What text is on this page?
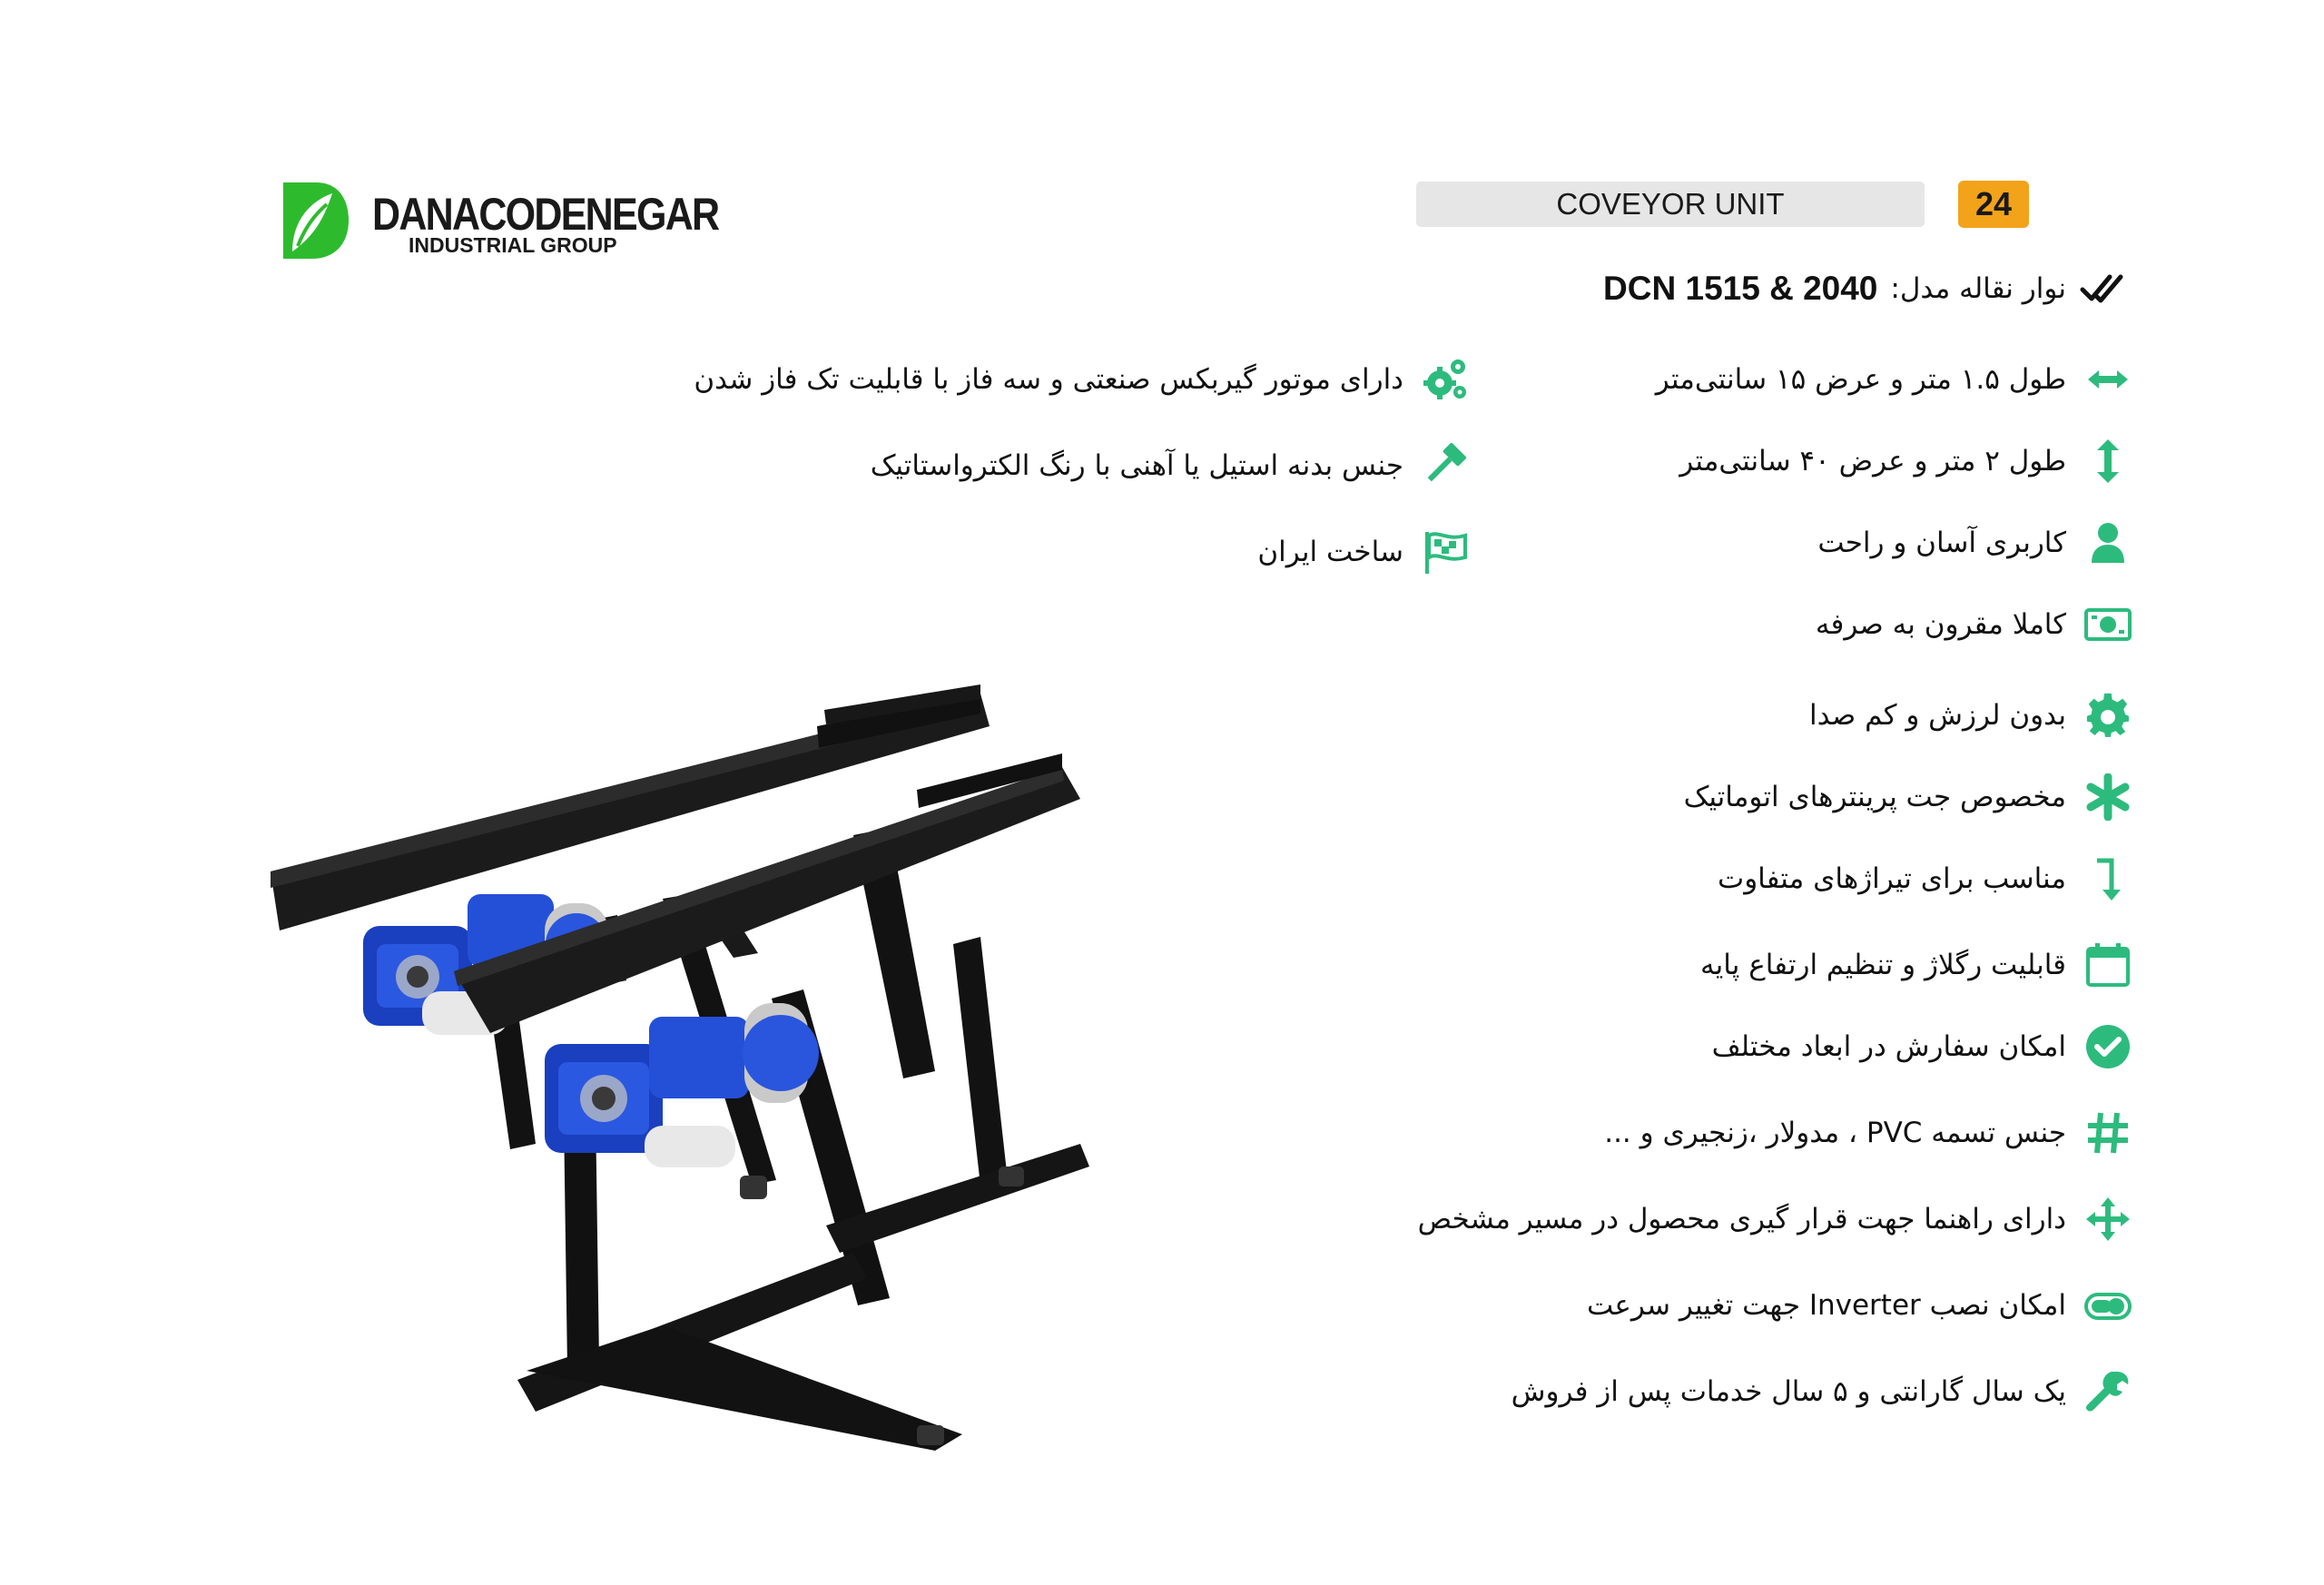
DANACODENEGAR
INDUSTRIAL GROUP
COVEYOR UNIT	24
نوار نقاله مدل:
DCN 1515 & 2040
طول ۱.۵ متر و عرض ۱۵ سانتی‌متر
طول ۲ متر و عرض ۴۰ سانتی‌متر
کاربری آسان و راحت
کاملا مقرون به صرفه
بدون لرزش و کم صدا
مخصوص جت پرینترهای اتوماتیک
مناسب برای تیراژهای متفاوت
قابلیت رگلاژ و تنظیم ارتفاع پایه
امکان سفارش در ابعاد مختلف
جنس تسمه PVC ، مدولار ،زنجیری و ...
دارای راهنما جهت قرار گیری محصول در مسیر مشخص
امکان نصب Inverter جهت تغییر سرعت
یک سال گارانتی و ۵ سال خدمات پس از فروش
دارای موتور گیربکس صنعتی و سه فاز با قابلیت تک فاز شدن
جنس بدنه استیل یا آهنی با رنگ الکترواستاتیک
ساخت ایران
